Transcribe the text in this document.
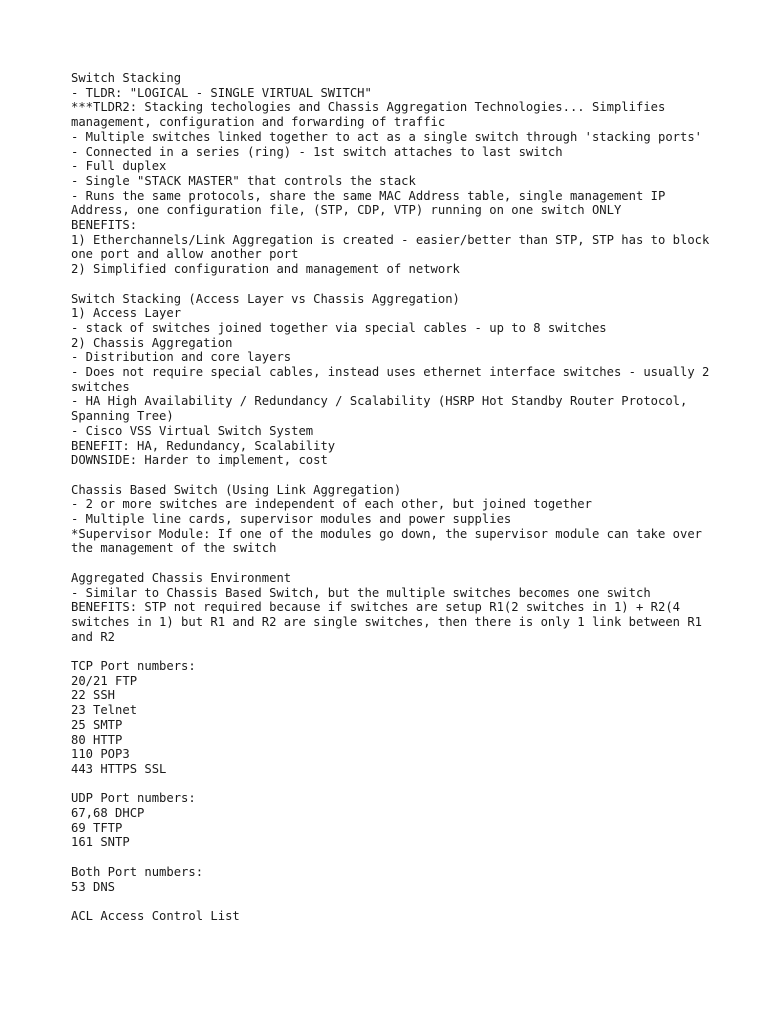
Switch Stacking

- TLDR: "LOGICAL - SINGLE VIRTUAL SWITCH"

***TLDR2: Stacking techologies and Chassis Aggregation Technologies... Simplifies management, configuration and forwarding of traffic

- Multiple switches linked together to act as a single switch through 'stacking ports'

- Connected in a series (ring) - 1st switch attaches to last switch

- Full duplex

- Single "STACK MASTER" that controls the stack

- Runs the same protocols, share the same MAC Address table, single management IP Address, one configuration file, (STP, CDP, VTP) running on one switch ONLY

BENEFITS:

1) Etherchannels/Link Aggregation is created - easier/better than STP, STP has to block one port and allow another port

2) Simplified configuration and management of network

Switch Stacking (Access Layer vs Chassis Aggregation)

1) Access Layer

- stack of switches joined together via special cables - up to 8 switches

2) Chassis Aggregation

- Distribution and core layers

- Does not require special cables, instead uses ethernet interface switches - usually 2 switches

- HA High Availability / Redundancy / Scalability (HSRP Hot Standby Router Protocol, Spanning Tree)

- Cisco VSS Virtual Switch System

BENEFIT: HA, Redundancy, Scalability

DOWNSIDE: Harder to implement, cost

Chassis Based Switch (Using Link Aggregation)

- 2 or more switches are independent of each other, but joined together

- Multiple line cards, supervisor modules and power supplies

*Supervisor Module: If one of the modules go down, the supervisor module can take over the management of the switch

Aggregated Chassis Environment

- Similar to Chassis Based Switch, but the multiple switches becomes one switch

BENEFITS: STP not required because if switches are setup R1(2 switches in 1) + R2(4 switches in 1) but R1 and R2 are single switches, then there is only 1 link between R1 and R2

TCP Port numbers:

20/21 FTP

22 SSH

23 Telnet

25 SMTP

80 HTTP

110 POP3

443 HTTPS SSL

UDP Port numbers:

67,68 DHCP

69 TFTP

161 SNTP

Both Port numbers:

53 DNS

ACL Access Control List
